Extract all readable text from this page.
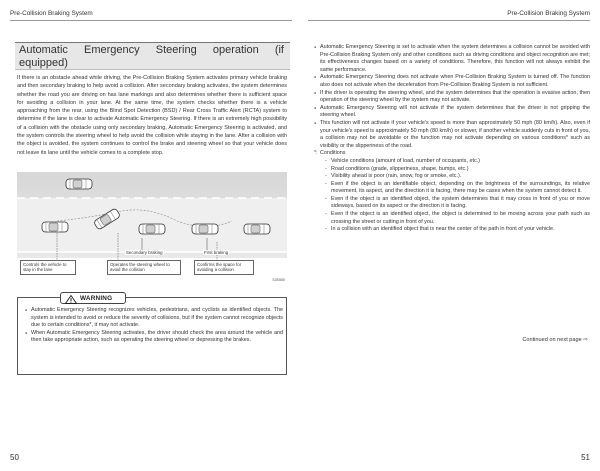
Pre-Collision Braking System	Pre-Collision Braking System
Automatic Emergency Steering operation (if
equipped)
If there is an obstacle ahead while driving, the Pre-Collision Braking System activates primary vehicle braking and then secondary braking to help avoid a collision. After secondary braking activates, the system determines whether the road you are driving on has lane markings and also determines whether there is sufficient space for avoiding a collision in your lane. At the same time, the system checks whether there is a vehicle approaching from the rear, using the Blind Spot Detection (BSD) / Rear Cross Traffic Alert (RCTA) system to determine if the lane is clear to activate Automatic Emergency Steering. If there is an extremely high possibility of a collision with the obstacle using only secondary braking, Automatic Emergency Steering is activated, and the system controls the steering wheel to help avoid the collision while staying in the lane. After a collision with the object is avoided, the system continues to control the brake and steering wheel so that your vehicle does not leave its lane until the vehicle comes to a complete stop.
Secondary braking	First braking
Controls the vehicle to stay in the lane
Operates the steering wheel to avoid the collision
Confirms the space for avoiding a collision
S3E850
WARNING
● Automatic Emergency Steering recognizes vehicles, pedestrians, and cyclists as identified objects. The system is intended to avoid or reduce the severity of collisions, but if the system cannot recognize objects due to certain conditions*, it may not activate.
● When Automatic Emergency Steering activates, the driver should check the area around the vehicle and then take appropriate action, such as operating the steering wheel or depressing the brakes.
50

● Automatic Emergency Steering is set to activate when the system determines a collision cannot be avoided with Pre-Collision Braking System only and other conditions such as driving conditions and object recognition are met; its effectiveness changes based on a variety of conditions. Therefore, this function will not always exhibit the same performance.

● Automatic Emergency Steering does not activate when Pre-Collision Braking System is turned off. The function also does not activate when the deceleration from Pre-Collision Braking System is not sufficient.

● If the driver is operating the steering wheel, and the system determines that the operation is evasive action, then operation of the steering wheel by the system may not activate.

● Automatic Emergency Steering will not activate if the system determines that the driver is not gripping the steering wheel.

● This function will not activate if your vehicle's speed is more than approximately 50 mph (80 km/h). Also, even if your vehicle's speed is approximately 50 mph (80 km/h) or slower, if another vehicle suddenly cuts in front of you, a collision may not be avoidable or the function may not activate depending on various conditions* such as visibility or the slipperiness of the road.

*: Conditions
- Vehicle conditions (amount of load, number of occupants, etc.)
- Road conditions (grade, slipperiness, shape, bumps, etc.)
- Visibility ahead is poor (rain, snow, fog or smoke, etc.).
- Even if the object is an identifiable object, depending on the brightness of the surroundings, its relative movement, its aspect, and the direction it is facing, there may be cases when the system cannot detect it.
- Even if the object is an identified object, the system determines that it may cross in front of you or move sideways, based on its aspect or the direction it is facing.
- Even if the object is an identified object, the object is determined to be moving across your path such as crossing the street or cutting in front of you.
- In a collision with an identified object that is near the center of the path in front of your vehicle.
Continued on next page ⇨
51
